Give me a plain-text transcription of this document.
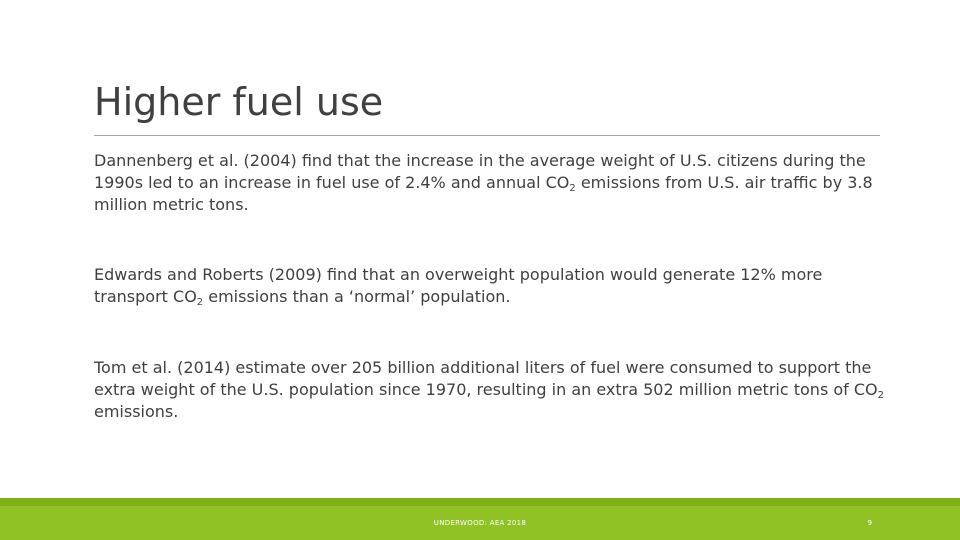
Higher fuel use

Dannenberg et al. (2004) find that the increase in the average weight of U.S. citizens during the 1990s led to an increase in fuel use of 2.4% and annual $CO_2$ emissions from U.S. air traffic by 3.8 million metric tons.

Edwards and Roberts (2009) find that an overweight population would generate 12% more transport $CO_2$ emissions than a ‘normal’ population.

Tom et al. (2014) estimate over 205 billion additional liters of fuel were consumed to support the extra weight of the U.S. population since 1970, resulting in an extra 502 million metric tons of $CO_2$ emissions.

UNDERWOOD: AEA 2018	9
